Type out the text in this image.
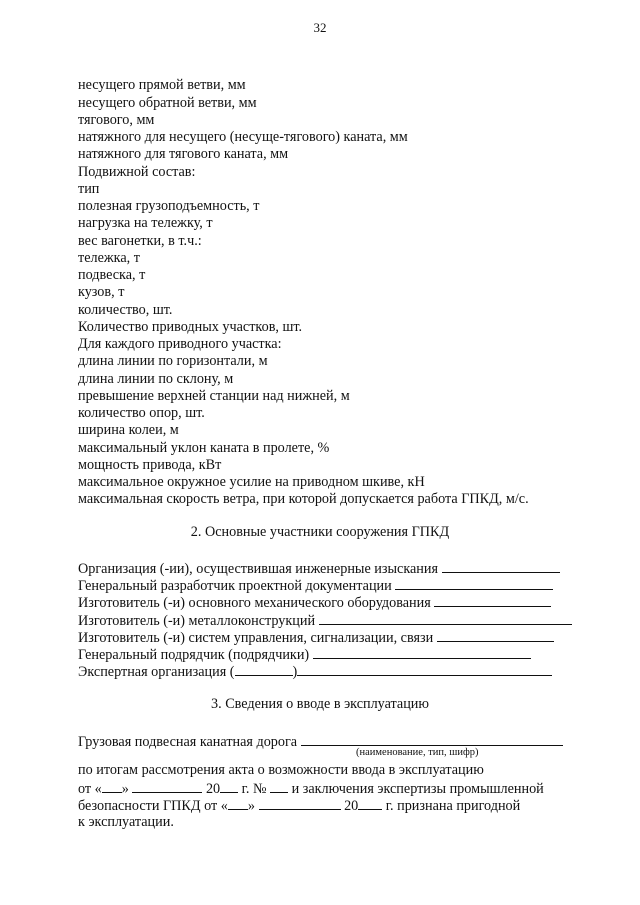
32
несущего прямой ветви, мм
несущего обратной ветви, мм
тягового, мм
натяжного для несущего (несуще-тягового) каната, мм
натяжного для тягового каната, мм
Подвижной состав:
тип
полезная грузоподъемность, т
нагрузка на тележку, т
вес вагонетки, в т.ч.:
тележка, т
подвеска, т
кузов, т
количество, шт.
Количество приводных участков, шт.
Для каждого приводного участка:
длина линии по горизонтали, м
длина линии по склону, м
превышение верхней станции над нижней, м
количество опор, шт.
ширина колеи, м
максимальный уклон каната в пролете, %
мощность привода, кВт
максимальное окружное усилие на приводном шкиве, кН
максимальная скорость ветра, при которой допускается работа ГПКД, м/с.
2. Основные участники сооружения ГПКД
Организация (-ии), осуществившая инженерные изыскания
Генеральный разработчик проектной документации
Изготовитель (-и) основного механического оборудования
Изготовитель (-и) металлоконструкций
Изготовитель (-и) систем управления, сигнализации, связи
Генеральный подрядчик (подрядчики)
Экспертная организация (	)
3. Сведения о вводе в эксплуатацию
Грузовая подвесная канатная дорога
(наименование, тип, шифр)
по итогам рассмотрения акта о возможности ввода в эксплуатацию
от « »	20 г. № и заключения экспертизы промышленной
безопасности ГПКД от « »	20 г. признана пригодной
к эксплуатации.
